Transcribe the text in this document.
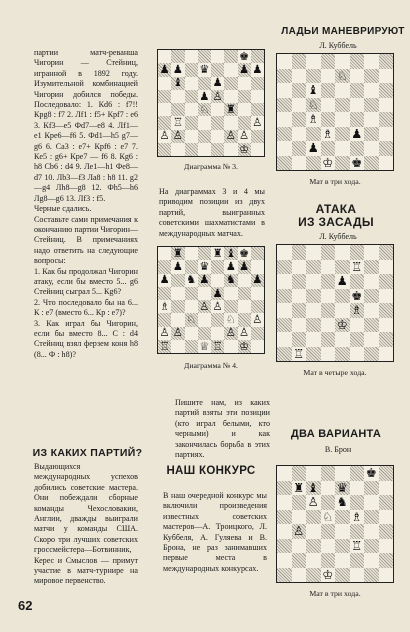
партии матч-реванша Чигорин — Стейниц, игранной в 1892 году. Изумительной комбинацией Чигорин добился победы. Последовало: 1. Кd6 : f7!! Кpg8 : f7 2. Лf1 : f5+ Кpf7 : e6 3. Кf3—e5 Фd7—e8 4. Лf1—e1 Кpe6—f6 5. Фd1—h5 g7—g6 6. Сa3 : e7+ Кpf6 : e7 7. Кe5 : g6+ Кpe7 — f6 8. Кg6 : h8 Сb6 : d4 9. Лe1—h1 Фe8—d7 10. Лb3—f3 Лa8 : h8 11. g2—g4 Лh8—g8 12. Фh5—h6 Лg8—g6 13. Лf3 : f5.
Черные сдались.
Составьте сами примечания к окончанию партии Чигорин—Стейниц. В примечаниях надо ответить на следующие вопросы:
1. Как бы продолжал Чигорин атаку, если бы вместо 5... g6 Стейниц сыграл 5... Кg6?
2. Что последовало бы на 6... К : e7 (вместо 6... Кр : e7)?
3. Как играл бы Чигорин, если бы вместо 8... С : d4 Стейниц взял ферзем коня h8 (8... Ф : h8)?
ИЗ КАКИХ ПАРТИЙ?
Выдающихся международных успехов добились советские мастера. Они побеждали сборные команды Чехословакии, Англии, дважды выиграли матчи у команды США. Скоро три лучших советских гроссмейстера—Ботвинник, Керес и Смыслов — примут участие в матч-турнире на мировое первенство.
62
♚
♟ ♟ ♛	♟ ♟
♝	♟
♟ ♙
♘ ♜
♖	♙
♙ ♙	♙ ♙
♔
Диаграмма № 3.
На диаграммах 3 и 4 мы приводим позиции из двух партий, выигранных советскими шахматистами в международных матчах.
♜	♜ ♝ ♚
♟ ♛ ♟ ♟
♟ ♞ ♟ ♞ ♟
♟
♗	♙ ♙
♘	♘ ♙
♙ ♙	♙ ♙
♖	♕ ♖ ♔
Диаграмма № 4.
Пишите нам, из каких партий взяты эти позиции (кто играл белыми, кто черными) и как закончилась борьба в этих партиях.
НАШ КОНКУРС
В наш очередной конкурс мы включили произведения известных советских мастеров—А. Троицкого, Л. Куббеля, А. Гуляева и В. Брона, не раз занимавших первые места в международных конкурсах.
ЛАДЬИ МАНЕВРИРУЮТ
Л. Куббель
♘
♝
♘
♗
♗ ♟
♟
♔ ♚
Мат в три хода.
АТАКА
ИЗ ЗАСАДЫ
Л. Куббель
♖
♟
♚
♗
♔
♖
Мат в четыре хода.
ДВА ВАРИАНТА
В. Брон
♚
♜ ♝ ♛
♙ ♞
♘ ♗
♙
♖
♔
Мат в три хода.
